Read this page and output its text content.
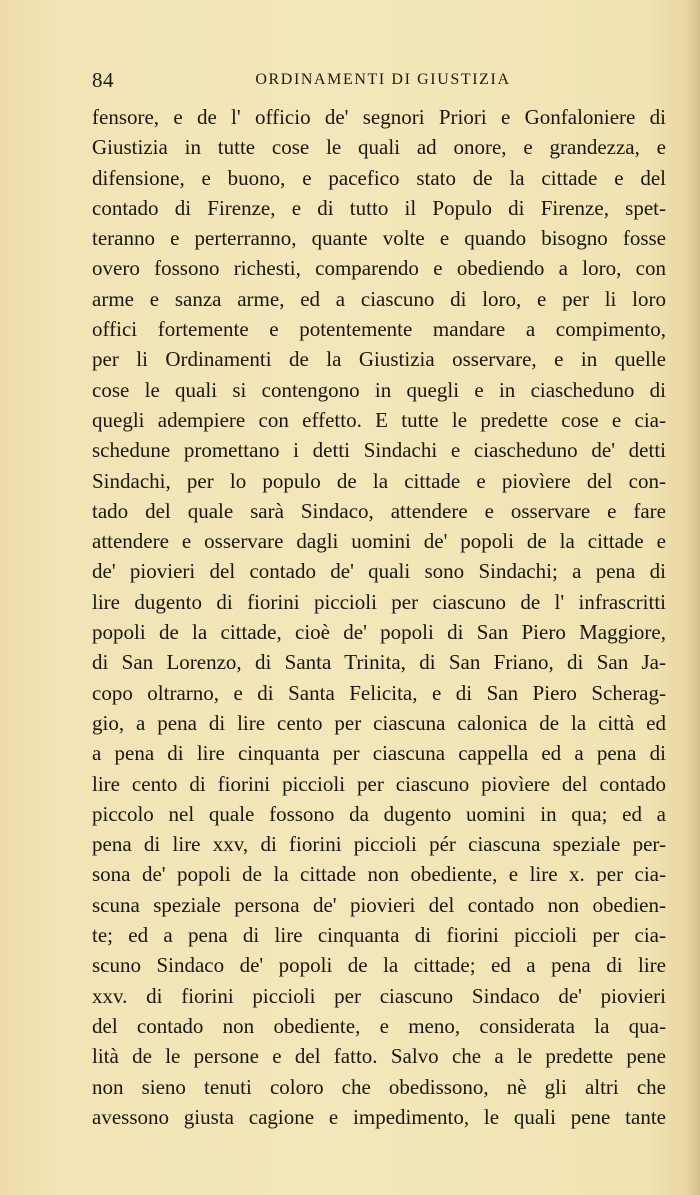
84	ORDINAMENTI DI GIUSTIZIA
fensore, e de l' officio de' segnori Priori e Gonfaloniere di
Giustizia in tutte cose le quali ad onore, e grandezza, e
difensione, e buono, e pacefico stato de la cittade e del
contado di Firenze, e di tutto il Populo di Firenze, spet-
teranno e perterranno, quante volte e quando bisogno fosse
overo fossono richesti, comparendo e obediendo a loro, con
arme e sanza arme, ed a ciascuno di loro, e per li loro
offici fortemente e potentemente mandare a compimento,
per li Ordinamenti de la Giustizia osservare, e in quelle
cose le quali si contengono in quegli e in ciascheduno di
quegli adempiere con effetto. E tutte le predette cose e cia-
schedune promettano i detti Sindachi e ciascheduno de' detti
Sindachi, per lo populo de la cittade e piovìere del con-
tado del quale sarà Sindaco, attendere e osservare e fare
attendere e osservare dagli uomini de' popoli de la cittade e
de' piovieri del contado de' quali sono Sindachi; a pena di
lire dugento di fiorini piccioli per ciascuno de l' infrascritti
popoli de la cittade, cioè de' popoli di San Piero Maggiore,
di San Lorenzo, di Santa Trinita, di San Friano, di San Ja-
copo oltrarno, e di Santa Felicita, e di San Piero Scherag-
gio, a pena di lire cento per ciascuna calonica de la città ed
a pena di lire cinquanta per ciascuna cappella ed a pena di
lire cento di fiorini piccioli per ciascuno piovìere del contado
piccolo nel quale fossono da dugento uomini in qua; ed a
pena di lire xxv, di fiorini piccioli pér ciascuna speziale per-
sona de' popoli de la cittade non obediente, e lire x. per cia-
scuna speziale persona de' piovieri del contado non obedien-
te; ed a pena di lire cinquanta di fiorini piccioli per cia-
scuno Sindaco de' popoli de la cittade; ed a pena di lire
xxv. di fiorini piccioli per ciascuno Sindaco de' piovieri
del contado non obediente, e meno, considerata la qua-
lità de le persone e del fatto. Salvo che a le predette pene
non sieno tenuti coloro che obedissono, nè gli altri che
avessono giusta cagione e impedimento, le quali pene tante
